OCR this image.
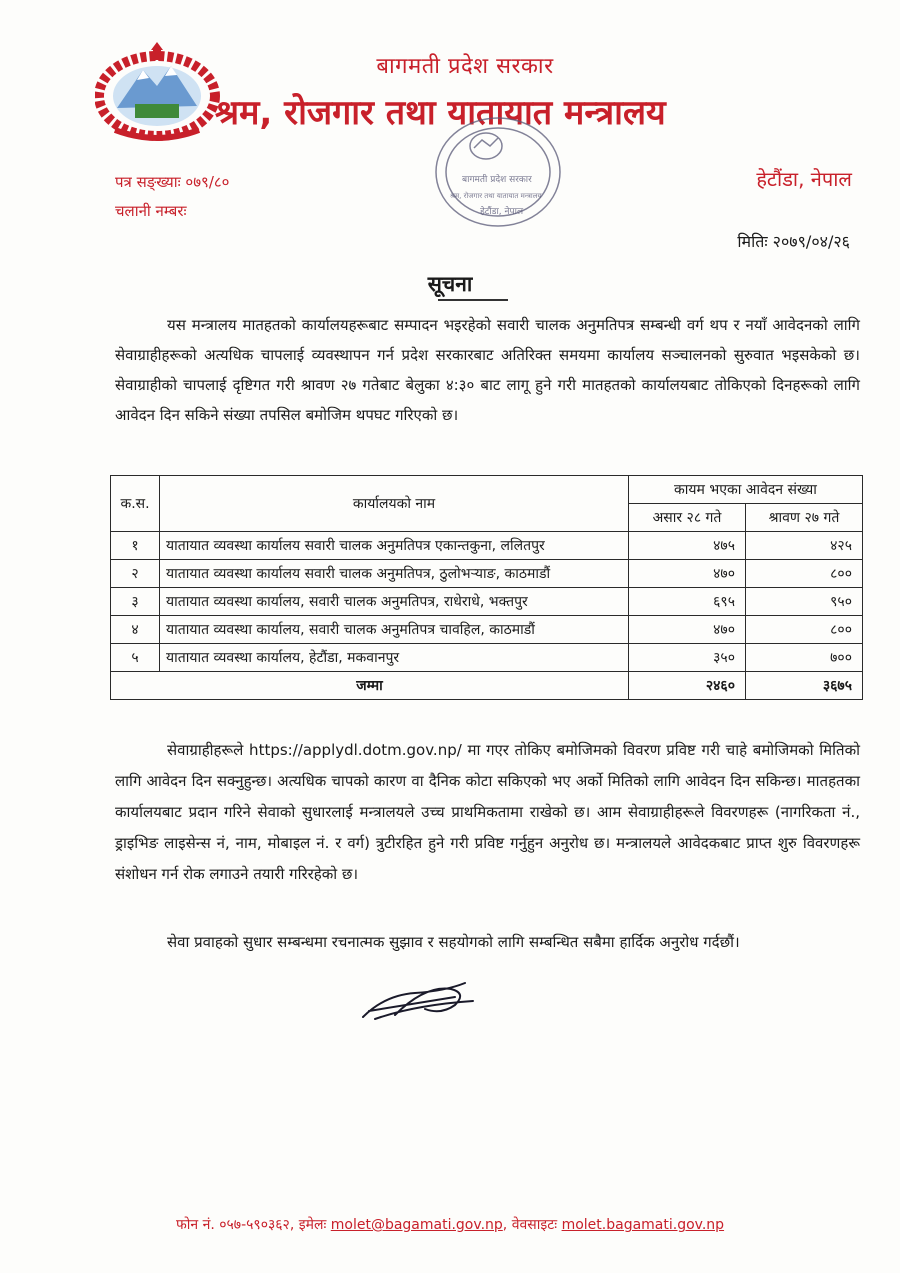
बागमती प्रदेश सरकार
श्रम, रोजगार तथा यातायात मन्त्रालय
पत्र सङ्ख्याः ०७९/८०
चलानी नम्बरः
हेटौंडा, नेपाल
मितिः २०७९/०४/२६
बागमती प्रदेश सरकार
श्रम, रोजगार तथा यातायात मन्त्रालय
हेटौंडा, नेपाल
सूचना
यस मन्त्रालय मातहतको कार्यालयहरूबाट सम्पादन भइरहेको सवारी चालक अनुमतिपत्र सम्बन्धी वर्ग थप र नयाँ आवेदनको लागि सेवाग्राहीहरूको अत्यधिक चापलाई व्यवस्थापन गर्न प्रदेश सरकारबाट अतिरिक्त समयमा कार्यालय सञ्चालनको सुरुवात भइसकेको छ। सेवाग्राहीको चापलाई दृष्टिगत गरी श्रावण २७ गतेबाट बेलुका ४:३० बाट लागू हुने गरी मातहतको कार्यालयबाट तोकिएको दिनहरूको लागि आवेदन दिन सकिने संख्या तपसिल बमोजिम थपघट गरिएको छ।
क.स.	कार्यालयको नाम	कायम भएका आवेदन संख्या	
		असार २८ गते	श्रावण २७ गते
१	यातायात व्यवस्था कार्यालय सवारी चालक अनुमतिपत्र एकान्तकुना, ललितपुर	४७५	४२५
२	यातायात व्यवस्था कार्यालय सवारी चालक अनुमतिपत्र, ठुलोभर्‍याङ, काठमाडौं	४७०	८००
३	यातायात व्यवस्था कार्यालय, सवारी चालक अनुमतिपत्र, राधेराधे, भक्तपुर	६९५	९५०
४	यातायात व्यवस्था कार्यालय, सवारी चालक अनुमतिपत्र चावहिल, काठमाडौं	४७०	८००
५	यातायात व्यवस्था कार्यालय, हेटौंडा, मकवानपुर	३५०	७००
जम्मा		२४६०	३६७५
सेवाग्राहीहरूले https://applydl.dotm.gov.np/ मा गएर तोकिए बमोजिमको विवरण प्रविष्ट गरी चाहे बमोजिमको मितिको लागि आवेदन दिन सक्नुहुन्छ। अत्यधिक चापको कारण वा दैनिक कोटा सकिएको भए अर्को मितिको लागि आवेदन दिन सकिन्छ। मातहतका कार्यालयबाट प्रदान गरिने सेवाको सुधारलाई मन्त्रालयले उच्च प्राथमिकतामा राखेको छ। आम सेवाग्राहीहरूले विवरणहरू (नागरिकता नं., ड्राइभिङ लाइसेन्स नं, नाम, मोबाइल नं. र वर्ग) त्रुटीरहित हुने गरी प्रविष्ट गर्नुहुन अनुरोध छ। मन्त्रालयले आवेदकबाट प्राप्त शुरु विवरणहरू संशोधन गर्न रोक लगाउने तयारी गरिरहेको छ।
सेवा प्रवाहको सुधार सम्बन्धमा रचनात्मक सुझाव र सहयोगको लागि सम्बन्धित सबैमा हार्दिक अनुरोध गर्दछौं।
फोन नं. ०५७-५९०३६२, इमेलः molet@bagamati.gov.np, वेवसाइटः molet.bagamati.gov.np
